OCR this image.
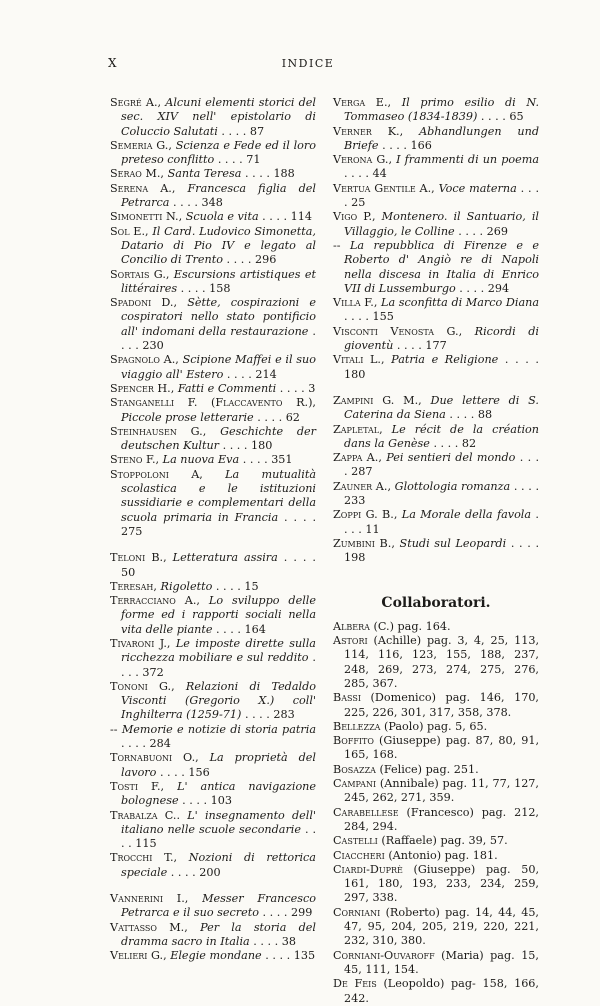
X	INDICE
Segré A., Alcuni elementi storici del sec. XIV nell' epistolario di Coluccio Salutati . . . . 87
Semeria G., Scienza e Fede ed il loro preteso conflitto . . . . 71
Serao M., Santa Teresa . . . . 188
Serena A., Francesca figlia del Petrarca . . . . 348
Simonetti N., Scuola e vita . . . . 114
Sol E., Il Card. Ludovico Simonetta, Datario di Pio IV e legato al Concilio di Trento . . . . 296
Sortais G., Escursions artistiques et littéraires . . . . 158
Spadoni D., Sètte, cospirazioni e cospiratori nello stato pontificio all' indomani della restaurazione . . . . 230
Spagnolo A., Scipione Maffei e il suo viaggio all' Estero . . . . 214
Spencer H., Fatti e Commenti . . . . 3
Stanganelli F. (Flaccavento R.), Piccole prose letterarie . . . . 62
Steinhausen G., Geschichte der deutschen Kultur . . . . 180
Steno F., La nuova Eva . . . . 351
Stoppoloni A, La mutualità scolastica e le istituzioni sussidiarie e complementari della scuola primaria in Francia . . . . 275
Teloni B., Letteratura assira . . . . 50
Teresah, Rigoletto . . . . 15
Terracciano A., Lo sviluppo delle forme ed i rapporti sociali nella vita delle piante . . . . 164
Tivaroni J., Le imposte dirette sulla ricchezza mobiliare e sul reddito . . . . 372
Tononi G., Relazioni di Tedaldo Visconti (Gregorio X.) coll' Inghilterra (1259-71) . . . . 283
-- Memorie e notizie di storia patria . . . . 284
Tornabuoni O., La proprietà del lavoro . . . . 156
Tosti F., L' antica navigazione bolognese . . . . 103
Trabalza C.. L' insegnamento dell' italiano nelle scuole secondarie . . . . 115
Trocchi T., Nozioni di rettorica speciale . . . . 200
Vannerini I., Messer Francesco Petrarca e il suo secreto . . . . 299
Vattasso M., Per la storia del dramma sacro in Italia . . . . 38
Velieri G., Elegie mondane . . . . 135
Verga E., Il primo esilio di N. Tommaseo (1834-1839) . . . . 65
Verner K., Abhandlungen und Briefe . . . . 166
Verona G., I frammenti di un poema . . . . 44
Vertua Gentile A., Voce materna . . . . 25
Vigo P., Montenero. il Santuario, il Villaggio, le Colline . . . . 269
-- La repubblica di Firenze e e Roberto d' Angiò re di Napoli nella discesa in Italia di Enrico VII di Lussemburgo . . . . 294
Villa F., La sconfitta di Marco Diana . . . . 155
Visconti Venosta G., Ricordi di gioventù . . . . 177
Vitali L., Patria e Religione . . . . 180
Zampini G. M., Due lettere di S. Caterina da Siena . . . . 88
Zapletal, Le récit de la création dans la Genèse . . . . 82
Zappa A., Pei sentieri del mondo . . . . 287
Zauner A., Glottologia romanza . . . . 233
Zoppi G. B., La Morale della favola . . . . 11
Zumbini B., Studi sul Leopardi . . . . 198
Collaboratori.
Albera (C.) pag. 164.
Astori (Achille) pag. 3, 4, 25, 113, 114, 116, 123, 155, 188, 237, 248, 269, 273, 274, 275, 276, 285, 367.
Bassi (Domenico) pag. 146, 170, 225, 226, 301, 317, 358, 378.
Bellezza (Paolo) pag. 5, 65.
Boffito (Giuseppe) pag. 87, 80, 91, 165, 168.
Bosazza (Felice) pag. 251.
Campani (Annibale) pag. 11, 77, 127, 245, 262, 271, 359.
Carabellese (Francesco) pag. 212, 284, 294.
Castelli (Raffaele) pag. 39, 57.
Ciaccheri (Antonio) pag. 181.
Ciardi-Duprè (Giuseppe) pag. 50, 161, 180, 193, 233, 234, 259, 297, 338.
Corniani (Roberto) pag. 14, 44, 45, 47, 95, 204, 205, 219, 220, 221, 232, 310, 380.
Corniani-Ouvaroff (Maria) pag. 15, 45, 111, 154.
De Feis (Leopoldo) pag- 158, 166, 242.
